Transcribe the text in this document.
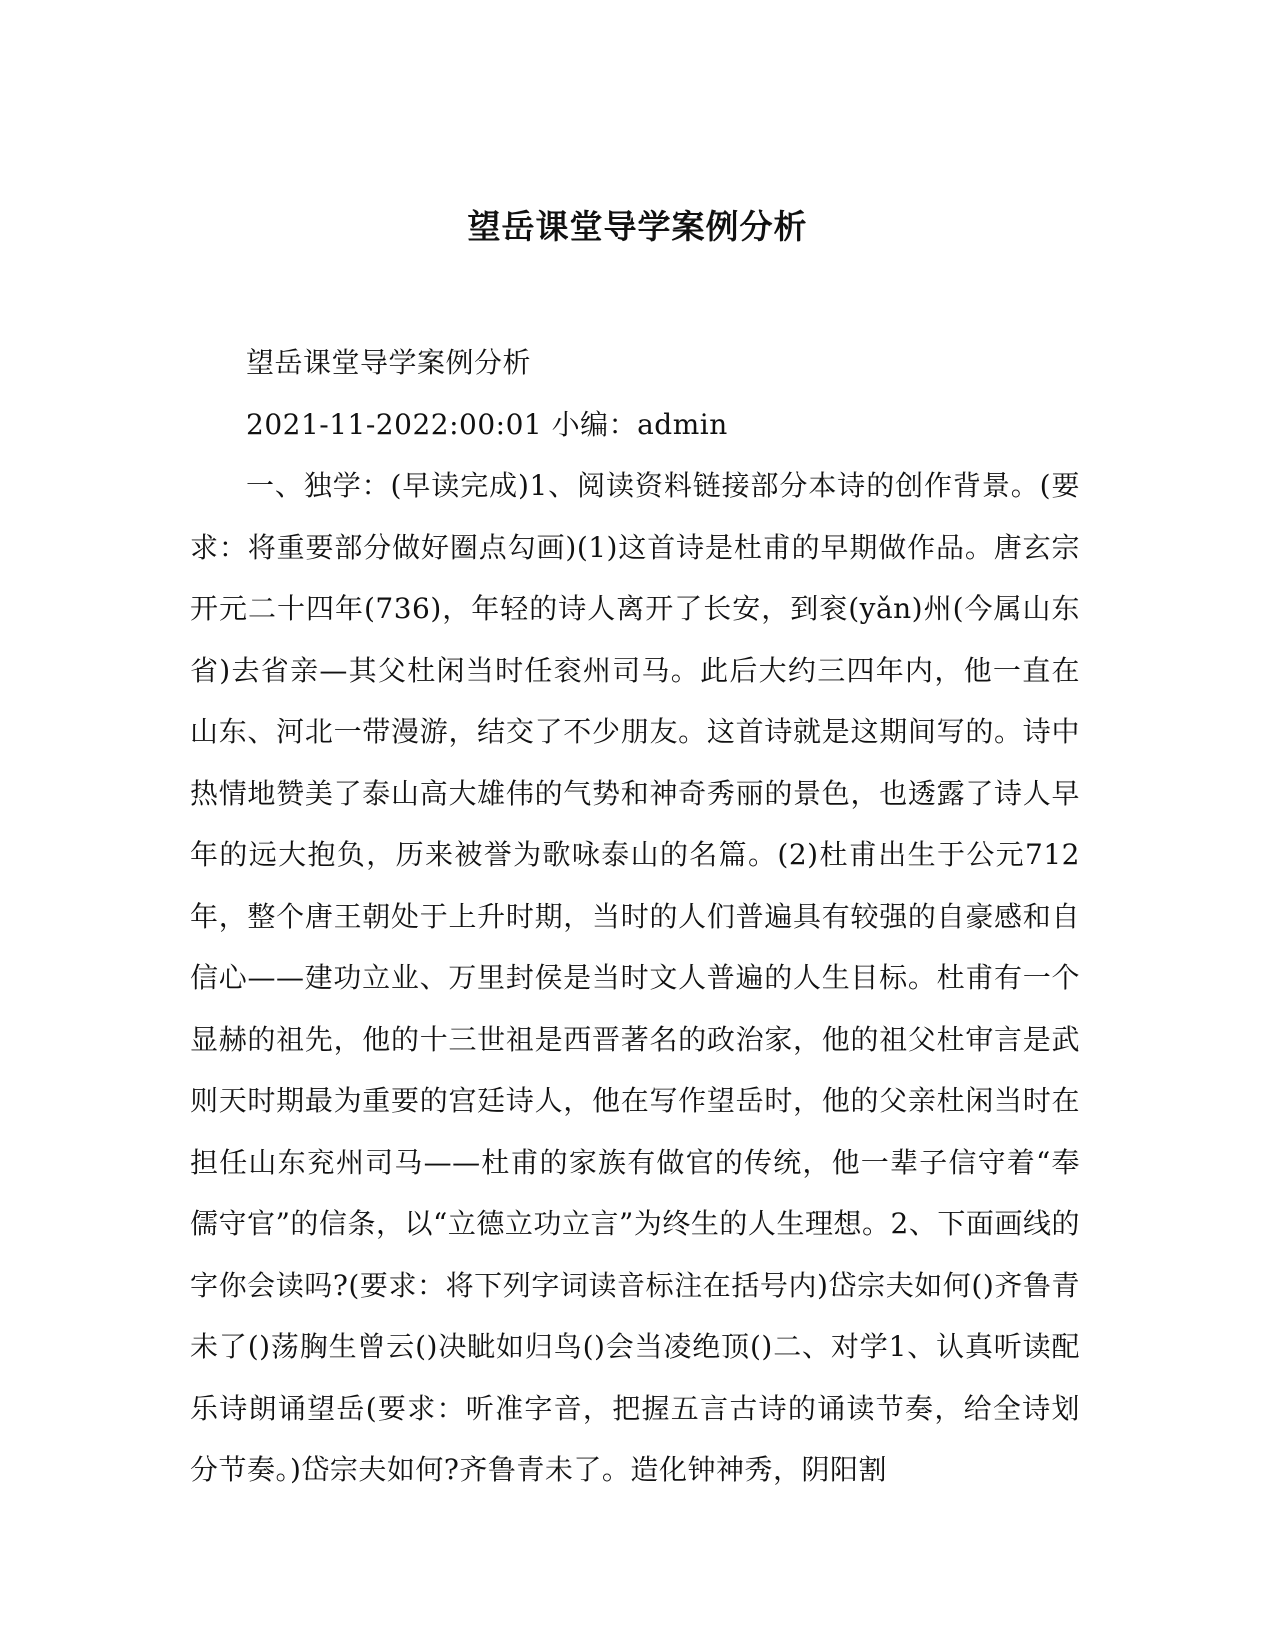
望岳课堂导学案例分析

望岳课堂导学案例分析

2021-11-2022:00:01 小编：admin

一、独学：(早读完成)1、阅读资料链接部分本诗的创作背景。(要求：将重要部分做好圈点勾画)(1)这首诗是杜甫的早期做作品。唐玄宗开元二十四年(736)，年轻的诗人离开了长安，到衮(yǎn)州(今属山东省)去省亲—其父杜闲当时任衮州司马。此后大约三四年内，他一直在山东、河北一带漫游，结交了不少朋友。这首诗就是这期间写的。诗中热情地赞美了泰山高大雄伟的气势和神奇秀丽的景色，也透露了诗人早年的远大抱负，历来被誉为歌咏泰山的名篇。(2)杜甫出生于公元712年，整个唐王朝处于上升时期，当时的人们普遍具有较强的自豪感和自信心——建功立业、万里封侯是当时文人普遍的人生目标。杜甫有一个显赫的祖先，他的十三世祖是西晋著名的政治家，他的祖父杜审言是武则天时期最为重要的宫廷诗人，他在写作望岳时，他的父亲杜闲当时在担任山东兖州司马——杜甫的家族有做官的传统，他一辈子信守着“奉儒守官”的信条，以“立德立功立言”为终生的人生理想。2、下面画线的字你会读吗?(要求：将下列字词读音标注在括号内)岱宗夫如何()齐鲁青未了()荡胸生曾云()决眦如归鸟()会当凌绝顶()二、对学1、认真听读配乐诗朗诵望岳(要求：听准字音，把握五言古诗的诵读节奏，给全诗划分节奏。)岱宗夫如何?齐鲁青未了。造化钟神秀，阴阳割
